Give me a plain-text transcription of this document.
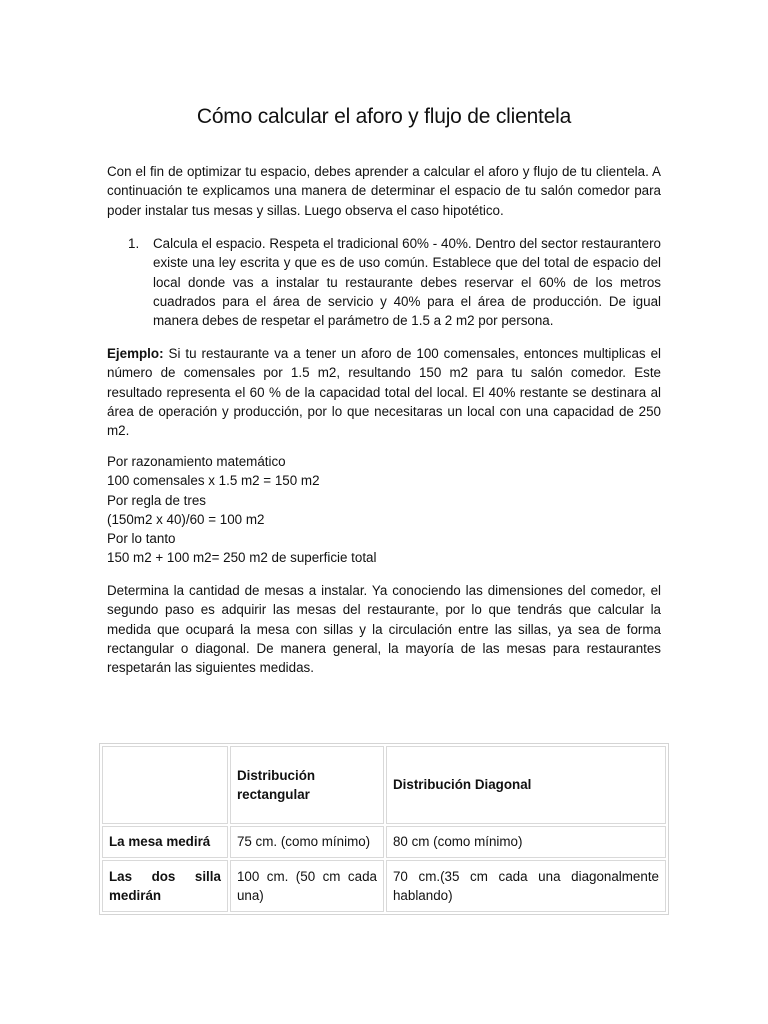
Cómo calcular el aforo y flujo de clientela
Con el fin de optimizar tu espacio, debes aprender a calcular el aforo y flujo de tu clientela. A continuación te explicamos una manera de determinar el espacio de tu salón comedor para poder instalar tus mesas y sillas. Luego observa el caso hipotético.
1. Calcula el espacio. Respeta el tradicional 60% - 40%. Dentro del sector restaurantero existe una ley escrita y que es de uso común. Establece que del total de espacio del local donde vas a instalar tu restaurante debes reservar el 60% de los metros cuadrados para el área de servicio y 40% para el área de producción. De igual manera debes de respetar el parámetro de 1.5 a 2 m2 por persona.
Ejemplo: Si tu restaurante va a tener un aforo de 100 comensales, entonces multiplicas el número de comensales por 1.5 m2, resultando 150 m2 para tu salón comedor. Este resultado representa el 60 % de la capacidad total del local. El 40% restante se destinara al área de operación y producción, por lo que necesitaras un local con una capacidad de 250 m2.

Por razonamiento matemático

100 comensales x 1.5 m2 = 150 m2

Por regla de tres

(150m2 x 40)/60 = 100 m2

Por lo tanto

150 m2 + 100 m2= 250 m2 de superficie total

Determina la cantidad de mesas a instalar. Ya conociendo las dimensiones del comedor, el segundo paso es adquirir las mesas del restaurante, por lo que tendrás que calcular la medida que ocupará la mesa con sillas y la circulación entre las sillas, ya sea de forma rectangular o diagonal. De manera general, la mayoría de las mesas para restaurantes respetarán las siguientes medidas.
	Distribución rectangular	Distribución Diagonal
La mesa medirá	75 cm. (como mínimo)	80 cm (como mínimo)
Las dos silla medirán	100 cm. (50 cm cada una)	70 cm.(35 cm cada una diagonalmente hablando)
